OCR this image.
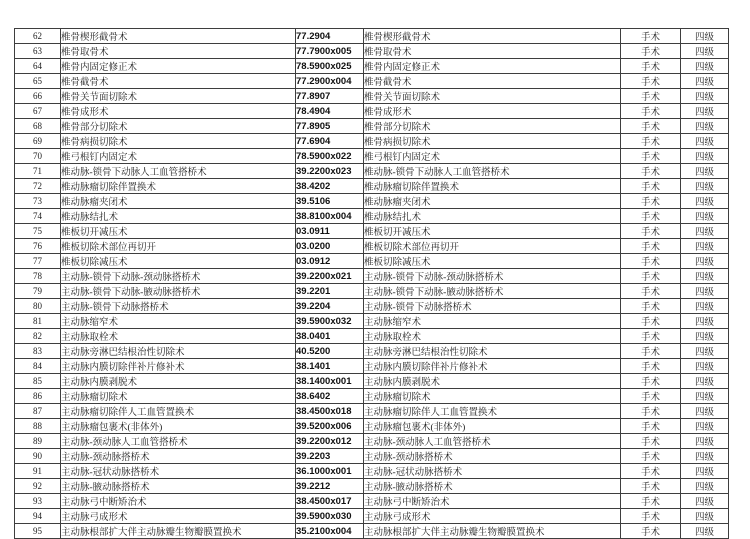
62	椎骨楔形截骨术	77.2904	椎骨楔形截骨术	手术	四级
63	椎骨取骨术	77.7900x005	椎骨取骨术	手术	四级
64	椎骨内固定修正术	78.5900x025	椎骨内固定修正术	手术	四级
65	椎骨截骨术	77.2900x004	椎骨截骨术	手术	四级
66	椎骨关节面切除术	77.8907	椎骨关节面切除术	手术	四级
67	椎骨成形术	78.4904	椎骨成形术	手术	四级
68	椎骨部分切除术	77.8905	椎骨部分切除术	手术	四级
69	椎骨病损切除术	77.6904	椎骨病损切除术	手术	四级
70	椎弓根钉内固定术	78.5900x022	椎弓根钉内固定术	手术	四级
71	椎动脉-锁骨下动脉人工血管搭桥术	39.2200x023	椎动脉-锁骨下动脉人工血管搭桥术	手术	四级
72	椎动脉瘤切除伴置换术	38.4202	椎动脉瘤切除伴置换术	手术	四级
73	椎动脉瘤夹闭术	39.5106	椎动脉瘤夹闭术	手术	四级
74	椎动脉结扎术	38.8100x004	椎动脉结扎术	手术	四级
75	椎板切开减压术	03.0911	椎板切开减压术	手术	四级
76	椎板切除术部位再切开	03.0200	椎板切除术部位再切开	手术	四级
77	椎板切除减压术	03.0912	椎板切除减压术	手术	四级
78	主动脉-锁骨下动脉-颈动脉搭桥术	39.2200x021	主动脉-锁骨下动脉-颈动脉搭桥术	手术	四级
79	主动脉-锁骨下动脉-腋动脉搭桥术	39.2201	主动脉-锁骨下动脉-腋动脉搭桥术	手术	四级
80	主动脉-锁骨下动脉搭桥术	39.2204	主动脉-锁骨下动脉搭桥术	手术	四级
81	主动脉缩窄术	39.5900x032	主动脉缩窄术	手术	四级
82	主动脉取栓术	38.0401	主动脉取栓术	手术	四级
83	主动脉旁淋巴结根治性切除术	40.5200	主动脉旁淋巴结根治性切除术	手术	四级
84	主动脉内膜切除伴补片修补术	38.1401	主动脉内膜切除伴补片修补术	手术	四级
85	主动脉内膜剥脱术	38.1400x001	主动脉内膜剥脱术	手术	四级
86	主动脉瘤切除术	38.6402	主动脉瘤切除术	手术	四级
87	主动脉瘤切除伴人工血管置换术	38.4500x018	主动脉瘤切除伴人工血管置换术	手术	四级
88	主动脉瘤包裹术(非体外)	39.5200x006	主动脉瘤包裹术(非体外)	手术	四级
89	主动脉-颈动脉人工血管搭桥术	39.2200x012	主动脉-颈动脉人工血管搭桥术	手术	四级
90	主动脉-颈动脉搭桥术	39.2203	主动脉-颈动脉搭桥术	手术	四级
91	主动脉-冠状动脉搭桥术	36.1000x001	主动脉-冠状动脉搭桥术	手术	四级
92	主动脉-腋动脉搭桥术	39.2212	主动脉-腋动脉搭桥术	手术	四级
93	主动脉弓中断矫治术	38.4500x017	主动脉弓中断矫治术	手术	四级
94	主动脉弓成形术	39.5900x030	主动脉弓成形术	手术	四级
95	主动脉根部扩大伴主动脉瓣生物瓣膜置换术	35.2100x004	主动脉根部扩大伴主动脉瓣生物瓣膜置换术	手术	四级
